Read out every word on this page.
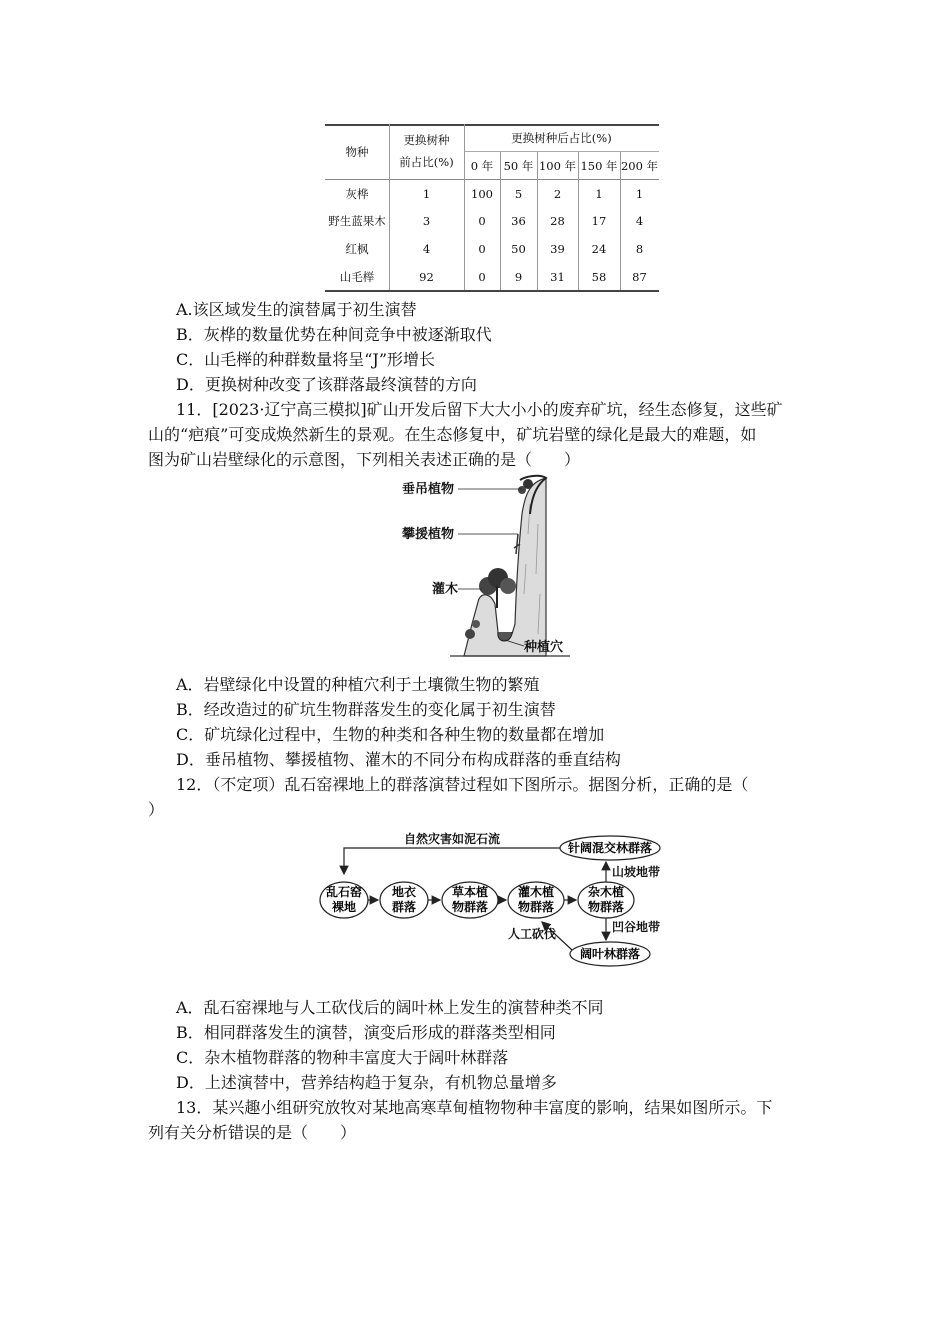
物种
更换树种
前占比(%)
更换树种后占比(%)
0 年 50 年 100 年 150 年 200 年
灰桦	1	100	5	2	1	1
野生蓝果木	3	0	36	28	17	4
红枫	4	0	50	39	24	8
山毛榉	92	0	9	31	58	87
A.该区域发生的演替属于初生演替
B．灰桦的数量优势在种间竞争中被逐渐取代
C．山毛榉的种群数量将呈“J”形增长
D．更换树种改变了该群落最终演替的方向
11．[2023·辽宁高三模拟]矿山开发后留下大大小小的废弃矿坑，经生态修复，这些矿
山的“疤痕”可变成焕然新生的景观。在生态修复中，矿坑岩壁的绿化是最大的难题，如
图为矿山岩壁绿化的示意图，下列相关表述正确的是（　　）
垂吊植物
攀援植物
灌木
种植穴
A．岩壁绿化中设置的种植穴利于土壤微生物的繁殖
B．经改造过的矿坑生物群落发生的变化属于初生演替
C．矿坑绿化过程中，生物的种类和各种生物的数量都在增加
D．垂吊植物、攀援植物、灌木的不同分布构成群落的垂直结构
12．（不定项）乱石窑裸地上的群落演替过程如下图所示。据图分析，正确的是（
）
自然灾害如泥石流
乱石窑
裸地
地衣
群落
草本植
物群落
灌木植
物群落
杂木植
物群落
针阔混交林群落
阔叶林群落
山坡地带
凹谷地带
人工砍伐
A．乱石窑裸地与人工砍伐后的阔叶林上发生的演替种类不同
B．相同群落发生的演替，演变后形成的群落类型相同
C．杂木植物群落的物种丰富度大于阔叶林群落
D．上述演替中，营养结构趋于复杂，有机物总量增多
13．某兴趣小组研究放牧对某地高寒草甸植物物种丰富度的影响，结果如图所示。下
列有关分析错误的是（　　）
